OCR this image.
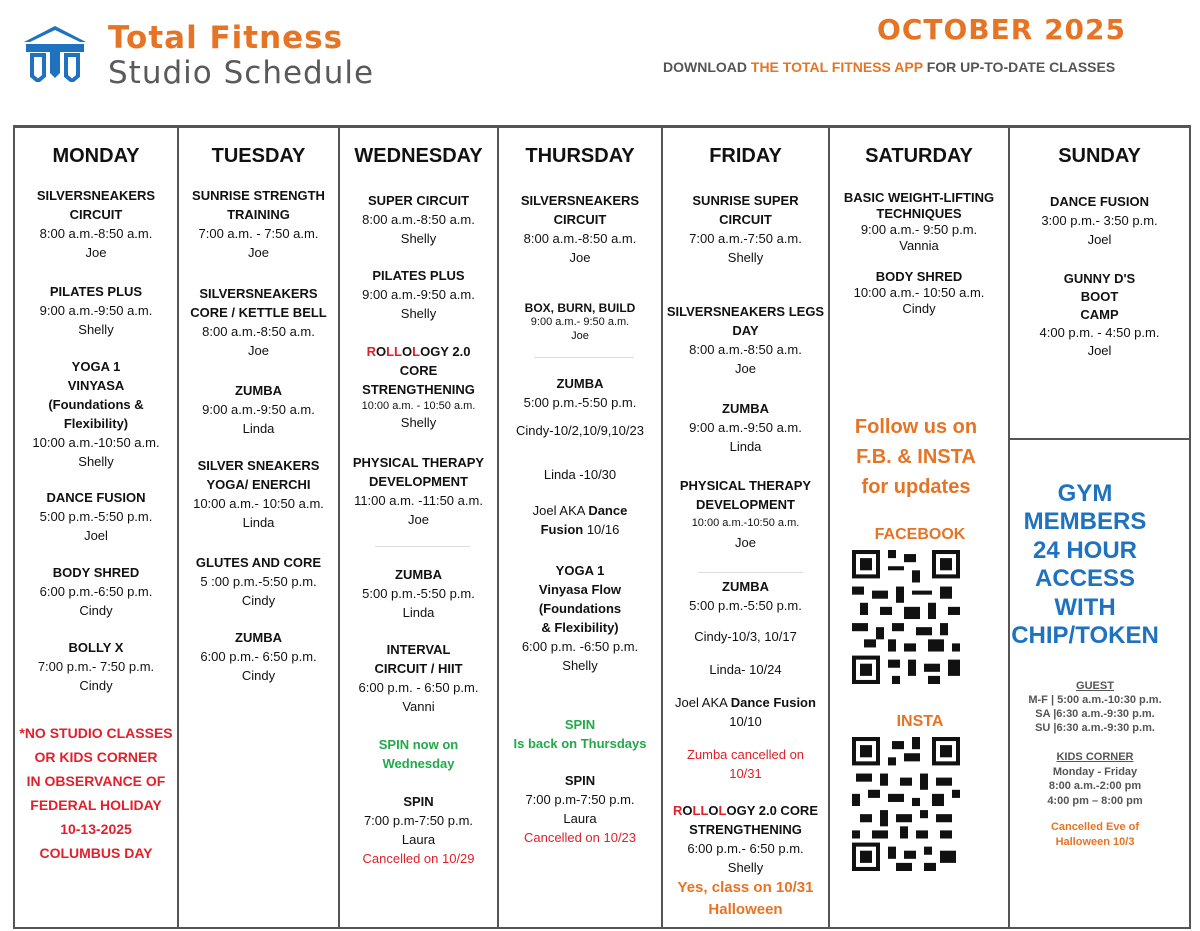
Total Fitness
Studio Schedule
OCTOBER 2025
DOWNLOAD THE TOTAL FITNESS APP FOR UP-TO-DATE CLASSES
MONDAY
SILVERSNEAKERS
CIRCUIT
8:00 a.m.-8:50 a.m.
Joe
PILATES PLUS
9:00 a.m.-9:50 a.m.
Shelly
YOGA 1
VINYASA
(Foundations &
Flexibility)
10:00 a.m.-10:50 a.m.
Shelly
DANCE FUSION
5:00 p.m.-5:50 p.m.
Joel
BODY SHRED
6:00 p.m.-6:50 p.m.
Cindy
BOLLY X
7:00 p.m.- 7:50 p.m.
Cindy
*NO STUDIO CLASSES
OR KIDS CORNER
IN OBSERVANCE OF
FEDERAL HOLIDAY
10-13-2025
COLUMBUS DAY
TUESDAY
SUNRISE STRENGTH
TRAINING
7:00 a.m. - 7:50 a.m.
Joe
SILVERSNEAKERS
CORE / KETTLE BELL
8:00 a.m.-8:50 a.m.
Joe
ZUMBA
9:00 a.m.-9:50 a.m.
Linda
SILVER SNEAKERS
YOGA/ ENERCHI
10:00 a.m.- 10:50 a.m.
Linda
GLUTES AND CORE
5 :00 p.m.-5:50 p.m.
Cindy
ZUMBA
6:00 p.m.- 6:50 p.m.
Cindy
WEDNESDAY
SUPER CIRCUIT
8:00 a.m.-8:50 a.m.
Shelly
PILATES PLUS
9:00 a.m.-9:50 a.m.
Shelly
ROLLOLOGY 2.0
CORE
STRENGTHENING
10:00 a.m. - 10:50 a.m.
Shelly
PHYSICAL THERAPY
DEVELOPMENT
11:00 a.m. -11:50 a.m.
Joe
ZUMBA
5:00 p.m.-5:50 p.m.
Linda
INTERVAL
CIRCUIT / HIIT
6:00 p.m. - 6:50 p.m.
Vanni
SPIN now on
Wednesday
SPIN
7:00 p.m-7:50 p.m.
Laura
Cancelled on 10/29
THURSDAY
SILVERSNEAKERS
CIRCUIT
8:00 a.m.-8:50 a.m.
Joe
BOX, BURN, BUILD
9:00 a.m.- 9:50 a.m.
Joe
ZUMBA
5:00 p.m.-5:50 p.m.
Cindy-10/2,10/9,10/23
Linda -10/30
Joel AKA Dance
Fusion 10/16
YOGA 1
Vinyasa Flow
(Foundations
& Flexibility)
6:00 p.m. -6:50 p.m.
Shelly
SPIN
Is back on Thursdays
SPIN
7:00 p.m-7:50 p.m.
Laura
Cancelled on 10/23
FRIDAY
SUNRISE SUPER
CIRCUIT
7:00 a.m.-7:50 a.m.
Shelly
SILVERSNEAKERS LEGS
DAY
8:00 a.m.-8:50 a.m.
Joe
ZUMBA
9:00 a.m.-9:50 a.m.
Linda
PHYSICAL THERAPY
DEVELOPMENT
10:00 a.m.-10:50 a.m.
Joe
ZUMBA
5:00 p.m.-5:50 p.m.
Cindy-10/3, 10/17
Linda- 10/24
Joel AKA Dance Fusion
10/10
Zumba cancelled on
10/31
ROLLOLOGY 2.0 CORE
STRENGTHENING
6:00 p.m.- 6:50 p.m.
Shelly
Yes, class on 10/31
Halloween
SATURDAY
BASIC WEIGHT-LIFTING
TECHNIQUES
9:00 a.m.- 9:50 p.m.
Vannia
BODY SHRED
10:00 a.m.- 10:50 a.m.
Cindy
SUNDAY
DANCE FUSION
3:00 p.m.- 3:50 p.m.
Joel
GUNNY D'S
BOOT
CAMP
4:00 p.m. - 4:50 p.m.
Joel
Follow us on
F.B. & INSTA
for updates
FACEBOOK
INSTA
GYM
MEMBERS
24 HOUR
ACCESS
WITH
CHIP/TOKEN
GUEST
M-F | 5:00 a.m.-10:30 p.m.
SA |6:30 a.m.-9:30 p.m.
SU |6:30 a.m.-9:30 p.m.
KIDS CORNER
Monday - Friday
8:00 a.m.-2:00 pm
4:00 pm – 8:00 pm
Cancelled Eve of
Halloween 10/3
